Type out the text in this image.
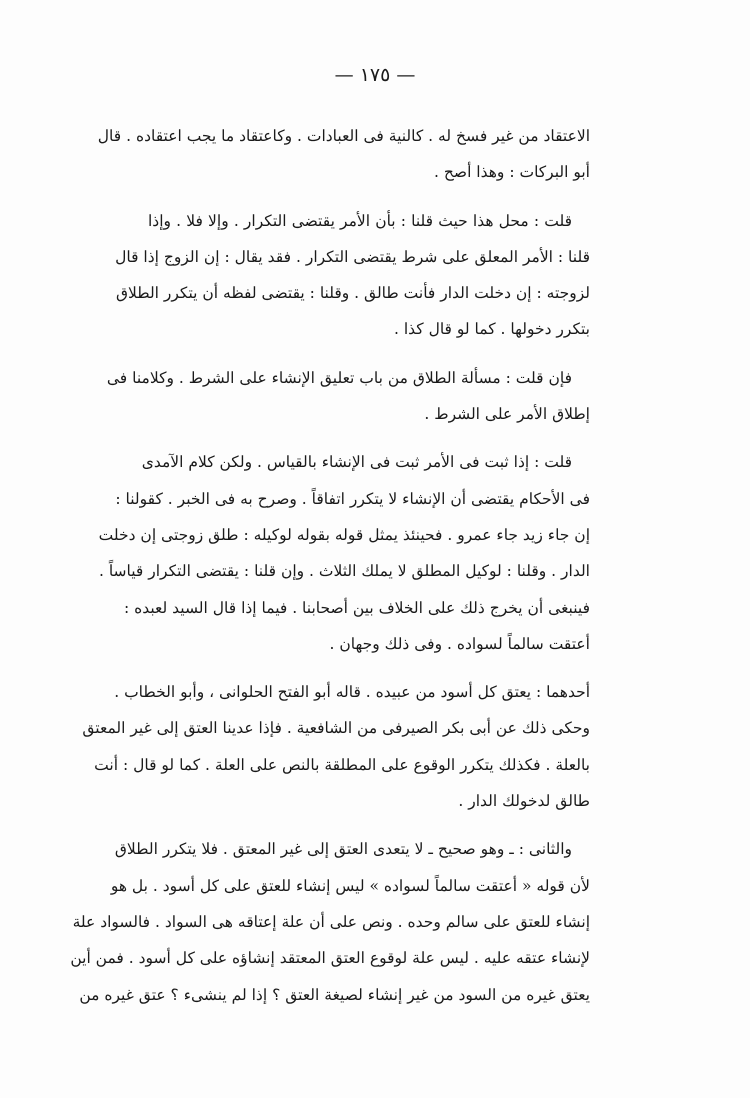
— ١٧٥ —
الاعتقاد من غير فسخ له . كالنية فى العبادات . وكاعتقاد ما يجب اعتقاده . قال
أبو البركات : وهذا أصح .
قلت : محل هذا حيث قلنا : بأن الأمر يقتضى التكرار . وإلا فلا . وإذا
قلنا : الأمر المعلق على شرط يقتضى التكرار . فقد يقال : إن الزوج إذا قال
لزوجته : إن دخلت الدار فأنت طالق . وقلنا : يقتضى لفظه أن يتكرر الطلاق
بتكرر دخولها . كما لو قال كذا .
فإن قلت : مسألة الطلاق من باب تعليق الإنشاء على الشرط . وكلامنا فى
إطلاق الأمر على الشرط .
قلت : إذا ثبت فى الأمر ثبت فى الإنشاء بالقياس . ولكن كلام الآمدى
فى الأحكام يقتضى أن الإنشاء لا يتكرر اتفاقاً . وصرح به فى الخبر . كقولنا :
إن جاء زيد جاء عمرو . فحينئذ يمثل قوله بقوله لوكيله : طلق زوجتى إن دخلت
الدار . وقلنا : لوكيل المطلق لا يملك الثلاث . وإن قلنا : يقتضى التكرار قياساً .
فينبغى أن يخرج ذلك على الخلاف بين أصحابنا . فيما إذا قال السيد لعبده :
أعتقت سالماً لسواده . وفى ذلك وجهان .
أحدهما : يعتق كل أسود من عبيده . قاله أبو الفتح الحلوانى ، وأبو الخطاب .
وحكى ذلك عن أبى بكر الصيرفى من الشافعية . فإذا عدينا العتق إلى غير المعتق
بالعلة . فكذلك يتكرر الوقوع على المطلقة بالنص على العلة . كما لو قال : أنت
طالق لدخولك الدار .
والثانى : ـ وهو صحيح ـ لا يتعدى العتق إلى غير المعتق . فلا يتكرر الطلاق
لأن قوله « أعتقت سالماً لسواده » ليس إنشاء للعتق على كل أسود . بل هو
إنشاء للعتق على سالم وحده . ونص على أن علة إعتاقه هى السواد . فالسواد علة
لإنشاء عتقه عليه . ليس علة لوقوع العتق المعتقد إنشاؤه على كل أسود . فمن أين
يعتق غيره من السود من غير إنشاء لصيغة العتق ؟ إذا لم ينشىء ؟ عتق غيره من
